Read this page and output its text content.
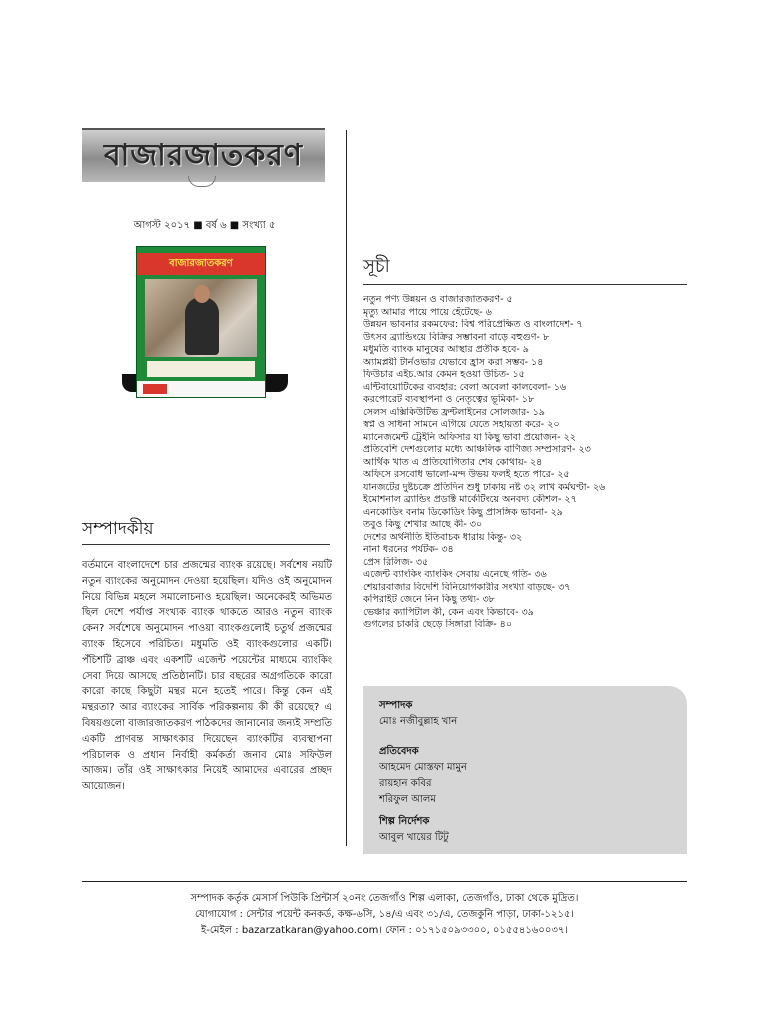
বাজারজাতকরণ
আগস্ট ২০১৭ ■ বর্ষ ৬ ■ সংখ্যা ৫
বাজারজাতকরণ
সম্পাদকীয়
বর্তমানে বাংলাদেশে চার প্রজন্মের ব্যাংক রয়েছে। সর্বশেষ নয়টি নতুন ব্যাংকের অনুমোদন দেওয়া হয়েছিল। যদিও ওই অনুমোদন নিয়ে বিভিন্ন মহলে সমালোচনাও হয়েছিল। অনেকেরই অভিমত ছিল দেশে পর্যাপ্ত সংখ্যক ব্যাংক থাকতে আরও নতুন ব্যাংক কেন? সর্বশেষে অনুমোদন পাওয়া ব্যাংকগুলোই চতুর্থ প্রজন্মের ব্যাংক হিসেবে পরিচিত। মধুমতি ওই ব্যাংকগুলোর একটি। পঁচিশটি ব্রাঞ্চ এবং একশটি এজেন্ট পয়েন্টের মাধ্যমে ব্যাংকিং সেবা দিয়ে আসছে প্রতিষ্ঠানটি। চার বছরের অগ্রগতিকে কারো কারো কাছে কিছুটা মন্থর মনে হতেই পারে। কিন্তু কেন এই মন্থরতা? আর ব্যাংকের সার্বিক পরিকল্পনায় কী কী রয়েছে? এ বিষয়গুলো বাজারজাতকরণ পাঠকদের জানানোর জন্যই সম্প্রতি একটি প্রাণবন্ত সাক্ষাৎকার দিয়েছেন ব্যাংকটির ব্যবস্থাপনা পরিচালক ও প্রধান নির্বাহী কর্মকর্তা জনাব মোঃ সফিউল আজম। তাঁর ওই সাক্ষাৎকার নিয়েই আমাদের এবারের প্রচ্ছদ আয়োজন।
সূচী
নতুন পণ্য উন্নয়ন ও বাজারজাতকরণ- ৫
মৃত্যু আমার পায়ে পায়ে হেঁটেছে- ৬
উন্নয়ন ভাবনার রকমফের: বিশ্ব পরিপ্রেক্ষিত ও বাংলাদেশ- ৭
উৎসব ব্র্যান্ডিংয়ে বিক্রির সম্ভাবনা বাড়ে বহুগুণ- ৮
মধুমতি ব্যাংক মানুষের আস্থার প্রতীক হবে- ৯
অ্যামপ্লয়ী টার্নওভার যেভাবে হ্রাস করা সম্ভব- ১৪
ফিউচার এইচ.আর কেমন হওয়া উচিত- ১৫
এন্টিবায়োটিকের ব্যবহার: বেলা অবেলা কালবেলা- ১৬
করপোরেট ব্যবস্থাপনা ও নেতৃত্বের ভূমিকা- ১৮
সেলস এক্সিকিউটিভ ফ্রন্টলাইনের সোলজার- ১৯
স্বপ্ন ও সাধনা সামনে এগিয়ে যেতে সহায়তা করে- ২০
ম্যানেজমেন্ট ট্রেইনি অফিসার যা কিছু ভাবা প্রয়োজন- ২২
প্রতিবেশি দেশগুলোর মধ্যে আঞ্চলিক বাণিজ্য সম্প্রসারণ- ২৩
আর্থিক খাত এ প্রতিযোগিতার শেষ কোথায়- ২৪
অফিসে রসবোধ ভালো-মন্দ উভয় ফলই হতে পারে- ২৫
যানজটের দুষ্টচক্রে প্রতিদিন শুধু ঢাকায় নষ্ট ৩২ লাখ কর্মঘণ্টা- ২৬
ইমোশনাল ব্র্যান্ডিং প্রডাক্ট মার্কেটিংয়ে অনবদ্য কৌশল- ২৭
এনকোডিং বনাম ডিকোডিং কিছু প্রাসঙ্গিক ভাবনা- ২৯
তবুও কিছু শেখার আছে কী- ৩০
দেশের অর্থনীতি ইতিবাচক ধারায় কিন্তু- ৩২
নানা ধরনের পর্যটক- ৩৪
প্রেস রিলিজ- ৩৫
এজেন্ট ব্যাংকিং ব্যাংকিং সেবায় এনেছে গতি- ৩৬
শেয়ারবাজার বিদেশি বিনিয়োগকারীর সংখ্যা বাড়ছে- ৩৭
কপিরাইট জেনে নিন কিছু তথ্য- ৩৮
ভেঞ্চার ক্যাপিটাল কী, কেন এবং কিভাবে- ৩৯
গুগলের চাকরি ছেড়ে সিঙ্গারা বিক্রি- ৪০
সম্পাদক
মোঃ নজীবুল্লাহ খান
প্রতিবেদক
আহমেদ মোস্তফা মামুন
রায়হান কবির
শরিফুল আলম
শিল্প নির্দেশক
আবুল খায়ের টিটু
সম্পাদক কর্তৃক মেসার্স পিউকি প্রিন্টার্স ২০নং তেজগাঁও শিল্প এলাকা, তেজগাঁও, ঢাকা থেকে মুদ্রিত।
যোগাযোগ : সেন্টার পয়েন্ট কনকর্ড, কক্ষ-৬সি, ১৪/এ এবং ৩১/এ, তেজকুনি পাড়া, ঢাকা-১২১৫।
ই-মেইল : bazarzatkaran@yahoo.com। ফোন : ০১৭১৫০৯৩৩০০, ০১৫৫৪১৬০০৩৭।
